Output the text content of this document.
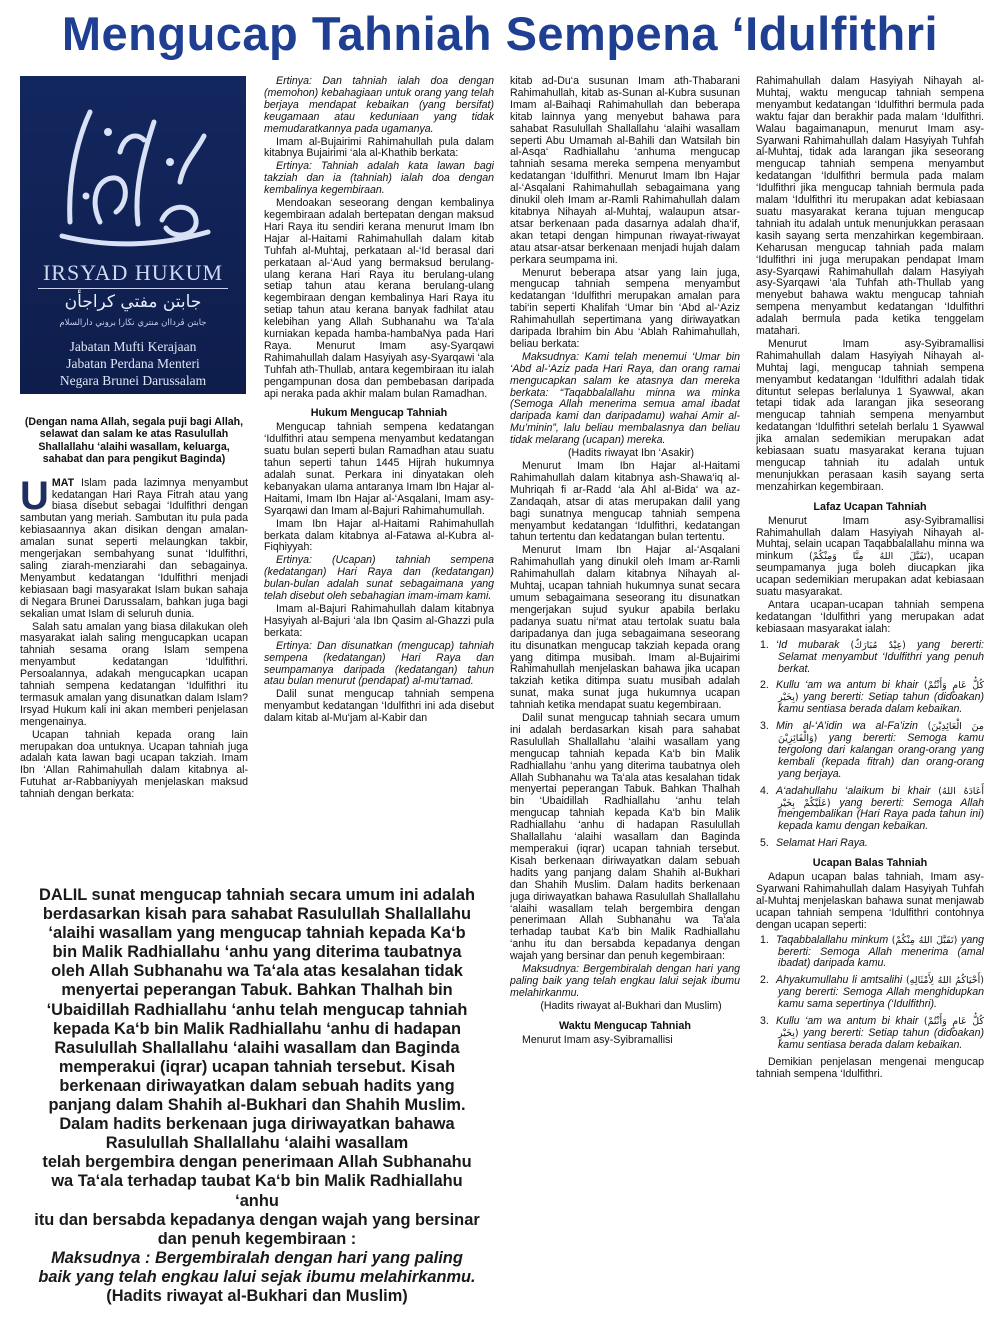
Mengucap Tahniah Sempena ‘Idulfithri
IRSYAD HUKUM
جابتن مفتي كراجأن
جابتن ڤرداان منتري نڬارا بروني دارالسلام
Jabatan Mufti Kerajaan
Jabatan Perdana Menteri
Negara Brunei Darussalam
(Dengan nama Allah, segala puji bagi Allah, selawat dan salam ke atas Rasulullah Shallallahu ‘alaihi wasallam, keluarga, sahabat dan para pengikut Baginda)

UMAT Islam pada lazimnya menyambut kedatangan Hari Raya Fitrah atau yang biasa disebut sebagai ‘Idulfithri dengan sambutan yang meriah. Sambutan itu pula pada kebiasaannya akan disikan dengan amalan-amalan sunat seperti melaungkan takbir, mengerjakan sembahyang sunat ‘Idulfithri, saling ziarah-menziarahi dan sebagainya. Menyambut kedatangan ‘Idulfithri menjadi kebiasaan bagi masyarakat Islam bukan sahaja di Negara Brunei Darussalam, bahkan juga bagi sekalian umat Islam di seluruh dunia.

Salah satu amalan yang biasa dilakukan oleh masyarakat ialah saling mengucapkan ucapan tahniah sesama orang Islam sempena menyambut kedatangan ‘Idulfithri. Persoalannya, adakah mengucapkan ucapan tahniah sempena kedatangan ‘Idulfithri itu termasuk amalan yang disunatkan dalam Islam? Irsyad Hukum kali ini akan memberi penjelasan mengenainya.

Ucapan tahniah kepada orang lain merupakan doa untuknya. Ucapan tahniah juga adalah kata lawan bagi ucapan takziah. Imam Ibn ‘Allan Rahimahullah dalam kitabnya al-Futuhat ar-Rabbaniyyah menjelaskan maksud tahniah dengan berkata:

Ertinya: Dan tahniah ialah doa dengan (memohon) kebahagiaan untuk orang yang telah berjaya mendapat kebaikan (yang bersifat) keugamaan atau keduniaan yang tidak memudaratkannya pada ugamanya.

Imam al-Bujairimi Rahimahullah pula dalam kitabnya Bujairimi ‘ala al-Khathib berkata:

Ertinya: Tahniah adalah kata lawan bagi takziah dan ia (tahniah) ialah doa dengan kembalinya kegembiraan.

Mendoakan seseorang dengan kembalinya kegembiraan adalah bertepatan dengan maksud Hari Raya itu sendiri kerana menurut Imam Ibn Hajar al-Haitami Rahimahullah dalam kitab Tuhfah al-Muhtaj, perkataan al-‘Id berasal dari perkataan al-‘Aud yang bermaksud berulang-ulang kerana Hari Raya itu berulang-ulang setiap tahun atau kerana berulang-ulang kegembiraan dengan kembalinya Hari Raya itu setiap tahun atau kerana banyak fadhilat atau kelebihan yang Allah Subhanahu wa Ta‘ala kurniakan kepada hamba-hambaNya pada Hari Raya. Menurut Imam asy-Syarqawi Rahimahullah dalam Hasyiyah asy-Syarqawi ‘ala Tuhfah ath-Thullab, antara kegembiraan itu ialah pengampunan dosa dan pembebasan daripada api neraka pada akhir malam bulan Ramadhan.

Hukum Mengucap Tahniah

Mengucap tahniah sempena kedatangan ‘Idulfithri atau sempena menyambut kedatangan suatu bulan seperti bulan Ramadhan atau suatu tahun seperti tahun 1445 Hijrah hukumnya adalah sunat. Perkara ini dinyatakan oleh kebanyakan ulama antaranya Imam Ibn Hajar al-Haitami, Imam Ibn Hajar al-‘Asqalani, Imam asy-Syarqawi dan Imam al-Bajuri Rahimahumullah.

Imam Ibn Hajar al-Haitami Rahimahullah berkata dalam kitabnya al-Fatawa al-Kubra al-Fiqhiyyah:

Ertinya: (Ucapan) tahniah sempena (kedatangan) Hari Raya dan (kedatangan) bulan-bulan adalah sunat sebagaimana yang telah disebut oleh sebahagian imam-imam kami.

Imam al-Bajuri Rahimahullah dalam kitabnya Hasyiyah al-Bajuri ‘ala Ibn Qasim al-Ghazzi pula berkata:

Ertinya: Dan disunatkan (mengucap) tahniah sempena (kedatangan) Hari Raya dan seumpamanya daripada (kedatangan) tahun atau bulan menurut (pendapat) al-mu‘tamad.

Dalil sunat mengucap tahniah sempena menyambut kedatangan ‘Idulfithri ini ada disebut dalam kitab al-Mu‘jam al-Kabir dan

kitab ad-Du‘a susunan Imam ath-Thabarani Rahimahullah, kitab as-Sunan al-Kubra susunan Imam al-Baihaqi Rahimahullah dan beberapa kitab lainnya yang menyebut bahawa para sahabat Rasulullah Shallallahu ‘alaihi wasallam seperti Abu Umamah al-Bahili dan Watsilah bin al-Asqa‘ Radhiallahu ‘anhuma mengucap tahniah sesama mereka sempena menyambut kedatangan ‘Idulfithri. Menurut Imam Ibn Hajar al-‘Asqalani Rahimahullah sebagaimana yang dinukil oleh Imam ar-Ramli Rahimahullah dalam kitabnya Nihayah al-Muhtaj, walaupun atsar-atsar berkenaan pada dasarnya adalah dha‘if, akan tetapi dengan himpunan riwayat-riwayat atau atsar-atsar berkenaan menjadi hujah dalam perkara seumpama ini.

Menurut beberapa atsar yang lain juga, mengucap tahniah sempena menyambut kedatangan ‘Idulfithri merupakan amalan para tabi‘in seperti Khalifah ‘Umar bin ‘Abd al-‘Aziz Rahimahullah sepertimana yang diriwayatkan daripada Ibrahim bin Abu ‘Ablah Rahimahullah, beliau berkata:

Maksudnya: Kami telah menemui ‘Umar bin ‘Abd al-‘Aziz pada Hari Raya, dan orang ramai mengucapkan salam ke atasnya dan mereka berkata: “Taqabbalallahu minna wa minka (Semoga Allah menerima semua amal ibadat daripada kami dan daripadamu) wahai Amir al-Mu’minin”, lalu beliau membalasnya dan beliau tidak melarang (ucapan) mereka.

(Hadits riwayat Ibn ‘Asakir)

Menurut Imam Ibn Hajar al-Haitami Rahimahullah dalam kitabnya ash-Shawa‘iq al-Muhriqah fi ar-Radd ‘ala Ahl al-Bida‘ wa az-Zandaqah, atsar di atas merupakan dalil yang bagi sunatnya mengucap tahniah sempena menyambut kedatangan ‘Idulfithri, kedatangan tahun tertentu dan kedatangan bulan tertentu.

Menurut Imam Ibn Hajar al-‘Asqalani Rahimahullah yang dinukil oleh Imam ar-Ramli Rahimahullah dalam kitabnya Nihayah al-Muhtaj, ucapan tahniah hukumnya sunat secara umum sebagaimana seseorang itu disunatkan mengerjakan sujud syukur apabila berlaku padanya suatu ni‘mat atau tertolak suatu bala daripadanya dan juga sebagaimana seseorang itu disunatkan mengucap takziah kepada orang yang ditimpa musibah. Imam al-Bujairimi Rahimahullah menjelaskan bahawa jika ucapan takziah ketika ditimpa suatu musibah adalah sunat, maka sunat juga hukumnya ucapan tahniah ketika mendapat suatu kegembiraan.

Dalil sunat mengucap tahniah secara umum ini adalah berdasarkan kisah para sahabat Rasulullah Shallallahu ‘alaihi wasallam yang mengucap tahniah kepada Ka‘b bin Malik Radhiallahu ‘anhu yang diterima taubatnya oleh Allah Subhanahu wa Ta‘ala atas kesalahan tidak menyertai peperangan Tabuk. Bahkan Thalhah bin ‘Ubaidillah Radhiallahu ‘anhu telah mengucap tahniah kepada Ka‘b bin Malik Radhiallahu ‘anhu di hadapan Rasulullah Shallallahu ‘alaihi wasallam dan Baginda memperakui (iqrar) ucapan tahniah tersebut. Kisah berkenaan diriwayatkan dalam sebuah hadits yang panjang dalam Shahih al-Bukhari dan Shahih Muslim. Dalam hadits berkenaan juga diriwayatkan bahawa Rasulullah Shallallahu ‘alaihi wasallam telah bergembira dengan penerimaan Allah Subhanahu wa Ta‘ala terhadap taubat Ka‘b bin Malik Radhiallahu ‘anhu itu dan bersabda kepadanya dengan wajah yang bersinar dan penuh kegembiraan:

Maksudnya: Bergembiralah dengan hari yang paling baik yang telah engkau lalui sejak ibumu melahirkanmu.

(Hadits riwayat al-Bukhari dan Muslim)

Waktu Mengucap Tahniah

Menurut Imam asy-Syibramallisi

Rahimahullah dalam Hasyiyah Nihayah al-Muhtaj, waktu mengucap tahniah sempena menyambut kedatangan ‘Idulfithri bermula pada waktu fajar dan berakhir pada malam ‘Idulfithri. Walau bagaimanapun, menurut Imam asy-Syarwani Rahimahullah dalam Hasyiyah Tuhfah al-Muhtaj, tidak ada larangan jika seseorang mengucap tahniah sempena menyambut kedatangan ‘Idulfithri bermula pada malam ‘Idulfithri jika mengucap tahniah bermula pada malam ‘Idulfithri itu merupakan adat kebiasaan suatu masyarakat kerana tujuan mengucap tahniah itu adalah untuk menunjukkan perasaan kasih sayang serta menzahirkan kegembiraan. Keharusan mengucap tahniah pada malam ‘Idulfithri ini juga merupakan pendapat Imam asy-Syarqawi Rahimahullah dalam Hasyiyah asy-Syarqawi ‘ala Tuhfah ath-Thullab yang menyebut bahawa waktu mengucap tahniah sempena menyambut kedatangan ‘Idulfithri adalah bermula pada ketika tenggelam matahari.

Menurut Imam asy-Syibramallisi Rahimahullah dalam Hasyiyah Nihayah al-Muhtaj lagi, mengucap tahniah sempena menyambut kedatangan ‘Idulfithri adalah tidak dituntut selepas berlalunya 1 Syawwal, akan tetapi tidak ada larangan jika seseorang mengucap tahniah sempena menyambut kedatangan ‘Idulfithri setelah berlalu 1 Syawwal jika amalan sedemikian merupakan adat kebiasaan suatu masyarakat kerana tujuan mengucap tahniah itu adalah untuk menunjukkan perasaan kasih sayang serta menzahirkan kegembiraan.

Lafaz Ucapan Tahniah

Menurut Imam asy-Syibramallisi Rahimahullah dalam Hasyiyah Nihayah al-Muhtaj, selain ucapan Taqabbalallahu minna wa minkum (تَقَبَّلَ اللهُ مِنَّا وَمِنْكُمْ), ucapan seumpamanya juga boleh diucapkan jika ucapan sedemikian merupakan adat kebiasaan suatu masyarakat.

Antara ucapan-ucapan tahniah sempena kedatangan ‘Idulfithri yang merupakan adat kebiasaan masyarakat ialah:

1. ‘Id mubarak (عِيْدٌ مُبَارَكٌ) yang bererti: Selamat menyambut ‘Idulfithri yang penuh berkat.
2. Kullu ‘am wa antum bi khair (كُلُّ عَامٍ وَأَنْتُمْ بِخَيْرٍ) yang bererti: Setiap tahun (didoakan) kamu sentiasa berada dalam kebaikan.
3. Min al-‘A’idin wa al-Fa’izin (مِنَ الْعَائِدِيْنَ وَالْفَائِزِيْنَ) yang bererti: Semoga kamu tergolong dari kalangan orang-orang yang kembali (kepada fitrah) dan orang-orang yang berjaya.
4. A‘adahullahu ‘alaikum bi khair (أَعَادَهُ اللهُ عَلَيْكُمْ بِخَيْرٍ) yang bererti: Semoga Allah mengembalikan (Hari Raya pada tahun ini) kepada kamu dengan kebaikan.
5. Selamat Hari Raya.
Ucapan Balas Tahniah

Adapun ucapan balas tahniah, Imam asy-Syarwani Rahimahullah dalam Hasyiyah Tuhfah al-Muhtaj menjelaskan bahawa sunat menjawab ucapan tahniah sempena ‘Idulfithri contohnya dengan ucapan seperti:

1. Taqabbalallahu minkum (تَقَبَّلَ اللهُ مِنْكُمْ) yang bererti: Semoga Allah menerima (amal ibadat) daripada kamu.
2. Ahyakumullahu li amtsalihi (أَحْيَاكُمُ اللهُ لِأَمْثَالِهِ) yang bererti: Semoga Allah menghidupkan kamu sama sepertinya (‘Idulfithri).
3. Kullu ‘am wa antum bi khair (كُلُّ عَامٍ وَأَنْتُمْ بِخَيْرٍ) yang bererti: Setiap tahun (didoakan) kamu sentiasa berada dalam kebaikan.

Demikian penjelasan mengenai mengucap tahniah sempena ‘Idulfithri.

DALIL sunat mengucap tahniah secara umum ini adalah

berdasarkan kisah para sahabat Rasulullah Shallallahu

‘alaihi wasallam yang mengucap tahniah kepada Ka‘b

bin Malik Radhiallahu ‘anhu yang diterima taubatnya

oleh Allah Subhanahu wa Ta‘ala atas kesalahan tidak

menyertai peperangan Tabuk. Bahkan Thalhah bin

‘Ubaidillah Radhiallahu ‘anhu telah mengucap tahniah

kepada Ka‘b bin Malik Radhiallahu ‘anhu di hadapan

Rasulullah Shallallahu ‘alaihi wasallam dan Baginda

memperakui (iqrar) ucapan tahniah tersebut. Kisah

berkenaan diriwayatkan dalam sebuah hadits yang

panjang dalam Shahih al-Bukhari dan Shahih Muslim.

Dalam hadits berkenaan juga diriwayatkan bahawa

Rasulullah Shallallahu ‘alaihi wasallam

telah bergembira dengan penerimaan Allah Subhanahu

wa Ta‘ala terhadap taubat Ka‘b bin Malik Radhiallahu

‘anhu

itu dan bersabda kepadanya dengan wajah yang bersinar

dan penuh kegembiraan :

Maksudnya : Bergembiralah dengan hari yang paling

baik yang telah engkau lalui sejak ibumu melahirkanmu.

(Hadits riwayat al-Bukhari dan Muslim)
